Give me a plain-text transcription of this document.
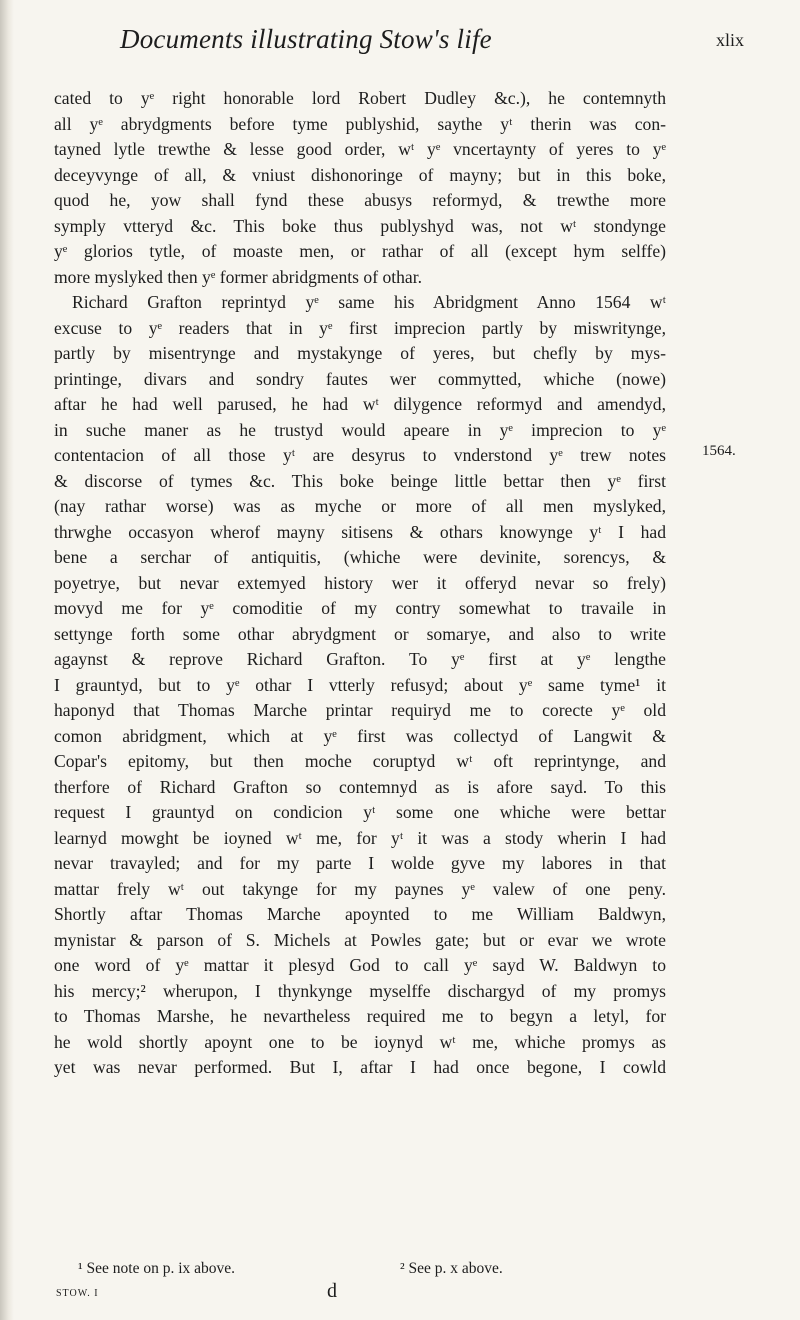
Documents illustrating Stow's life	xlix
cated to yᵉ right honorable lord Robert Dudley &c.), he contemnyth
all yᵉ abrydgments before tyme publyshid, saythe yᵗ therin was con-
tayned lytle trewthe & lesse good order, wᵗ yᵉ vncertaynty of yeres to yᵉ
deceyvynge of all, & vniust dishonoringe of mayny; but in this boke,
quod he, yow shall fynd these abusys reformyd, & trewthe more
symply vtteryd &c. This boke thus publyshyd was, not wᵗ stondynge
yᵉ glorios tytle, of moaste men, or rathar of all (except hym selffe)
more myslyked then yᵉ former abridgments of othar.
Richard Grafton reprintyd yᵉ same his Abridgment Anno 1564 wᵗ
excuse to yᵉ readers that in yᵉ first imprecion partly by miswritynge,
partly by misentrynge and mystakynge of yeres, but chefly by mys-
printinge, divars and sondry fautes wer commytted, whiche (nowe)
aftar he had well parused, he had wᵗ dilygence reformyd and amendyd,
in suche maner as he trustyd would apeare in yᵉ imprecion to yᵉ
contentacion of all those yᵗ are desyrus to vnderstond yᵉ trew notes
& discorse of tymes &c. This boke beinge little bettar then yᵉ first
(nay rathar worse) was as myche or more of all men myslyked,
thrwghe occasyon wherof mayny sitisens & othars knowynge yᵗ I had
bene a serchar of antiquitis, (whiche were devinite, sorencys, &
poyetrye, but nevar extemyed history wer it offeryd nevar so frely)
movyd me for yᵉ comoditie of my contry somewhat to travaile in
settynge forth some othar abrydgment or somarye, and also to write
agaynst & reprove Richard Grafton. To yᵉ first at yᵉ lengthe
I grauntyd, but to yᵉ othar I vtterly refusyd; about yᵉ same tyme¹ it
haponyd that Thomas Marche printar requiryd me to corecte yᵉ old
comon abridgment, which at yᵉ first was collectyd of Langwit &
Copar's epitomy, but then moche coruptyd wᵗ oft reprintynge, and
therfore of Richard Grafton so contemnyd as is afore sayd. To this
request I grauntyd on condicion yᵗ some one whiche were bettar
learnyd mowght be ioyned wᵗ me, for yᵗ it was a stody wherin I had
nevar travayled; and for my parte I wolde gyve my labores in that
mattar frely wᵗ out takynge for my paynes yᵉ valew of one peny.
Shortly aftar Thomas Marche apoynted to me William Baldwyn,
mynistar & parson of S. Michels at Powles gate; but or evar we wrote
one word of yᵉ mattar it plesyd God to call yᵉ sayd W. Baldwyn to
his mercy;² wherupon, I thynkynge myselffe dischargyd of my promys
to Thomas Marshe, he nevartheless required me to begyn a letyl, for
he wold shortly apoynt one to be ioynyd wᵗ me, whiche promys as
yet was nevar performed. But I, aftar I had once begone, I cowld
1564.
¹ See note on p. ix above.	² See p. x above.
STOW. I	d
